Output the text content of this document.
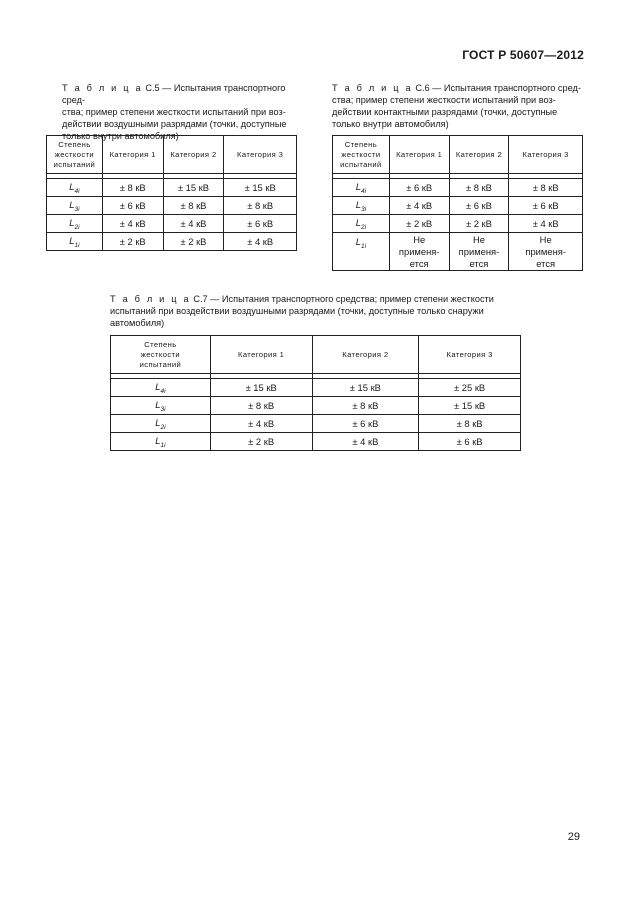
ГОСТ Р 50607—2012
Т а б л и ц а С.5 — Испытания транспортного сред-
ства; пример степени жесткости испытаний при воз-
действии воздушными разрядами (точки, доступные
только внутри автомобиля)
Степень
жесткости
испытаний	Категория 1	Категория 2	Категория 3

$L_{4i}$	± 8 кВ	± 15 кВ	± 15 кВ
$L_{3i}$	± 6 кВ	± 8 кВ	± 8 кВ
$L_{2i}$	± 4 кВ	± 4 кВ	± 6 кВ
$L_{1i}$	± 2 кВ	± 2 кВ	± 4 кВ
Т а б л и ц а С.6 — Испытания транспортного сред-
ства; пример степени жесткости испытаний при воз-
действии контактными разрядами (точки, доступные
только внутри автомобиля)
Степень
жесткости
испытаний	Категория 1	Категория 2	Категория 3

$L_{4i}$	± 6 кВ	± 8 кВ	± 8 кВ
$L_{3i}$	± 4 кВ	± 6 кВ	± 6 кВ
$L_{2i}$	± 2 кВ	± 2 кВ	± 4 кВ
$L_{1i}$	Не
применя-
ется	Не
применя-
ется	Не
применя-
ется
Т а б л и ц а С.7 — Испытания транспортного средства; пример степени жесткости
испытаний при воздействии воздушными разрядами (точки, доступные только снаружи
автомобиля)
Степень
жесткости
испытаний	Категория 1	Категория 2	Категория 3

$L_{4i}$	± 15 кВ	± 15 кВ	± 25 кВ
$L_{3i}$	± 8 кВ	± 8 кВ	± 15 кВ
$L_{2i}$	± 4 кВ	± 6 кВ	± 8 кВ
$L_{1i}$	± 2 кВ	± 4 кВ	± 6 кВ
29
